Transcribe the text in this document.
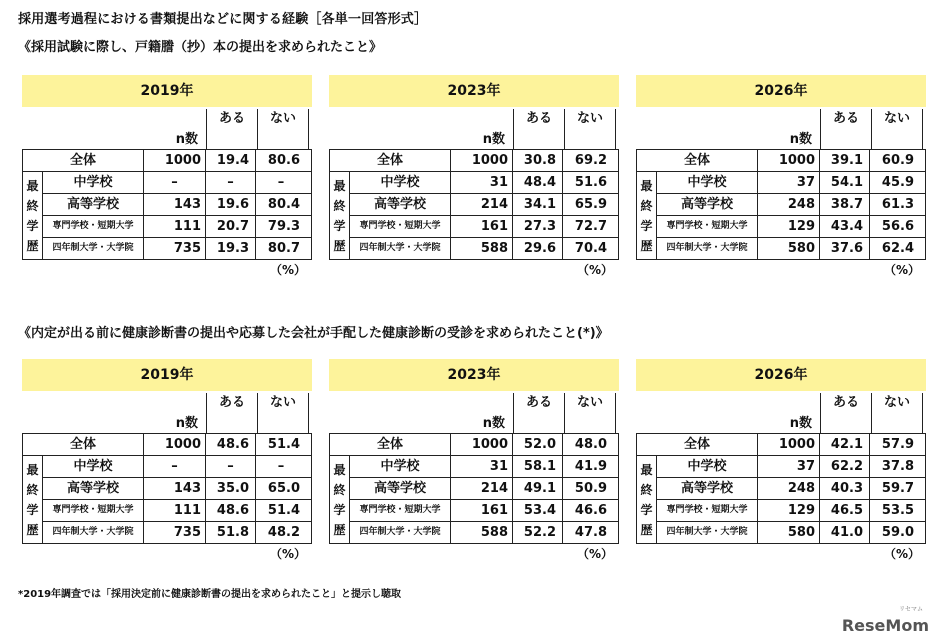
採用選考過程における書類提出などに関する経験［各単一回答形式］
《採用試験に際し、戸籍謄（抄）本の提出を求められたこと》
《内定が出る前に健康診断書の提出や応募した会社が手配した健康診断の受診を求められたこと(*)》
2019年
n数
ある	ない
全体	1000	19.4	80.6
最
終
学
歴
中学校	–	–	–
高等学校	143	19.6	80.4
専門学校・短期大学	111	20.7	79.3
四年制大学・大学院	735	19.3	80.7
（%）
2023年
n数
ある	ない
全体	1000	30.8	69.2
最
終
学
歴
中学校	31	48.4	51.6
高等学校	214	34.1	65.9
専門学校・短期大学	161	27.3	72.7
四年制大学・大学院	588	29.6	70.4
（%）
2026年
n数
ある	ない
全体	1000	39.1	60.9
最
終
学
歴
中学校	37	54.1	45.9
高等学校	248	38.7	61.3
専門学校・短期大学	129	43.4	56.6
四年制大学・大学院	580	37.6	62.4
（%）
2019年
n数
ある	ない
全体	1000	48.6	51.4
最
終
学
歴
中学校	–	–	–
高等学校	143	35.0	65.0
専門学校・短期大学	111	48.6	51.4
四年制大学・大学院	735	51.8	48.2
（%）
2023年
n数
ある	ない
全体	1000	52.0	48.0
最
終
学
歴
中学校	31	58.1	41.9
高等学校	214	49.1	50.9
専門学校・短期大学	161	53.4	46.6
四年制大学・大学院	588	52.2	47.8
（%）
2026年
n数
ある	ない
全体	1000	42.1	57.9
最
終
学
歴
中学校	37	62.2	37.8
高等学校	248	40.3	59.7
専門学校・短期大学	129	46.5	53.5
四年制大学・大学院	580	41.0	59.0
（%）
*2019年調査では「採用決定前に健康診断書の提出を求められたこと」と提示し聴取
リセマム
ReseMom
